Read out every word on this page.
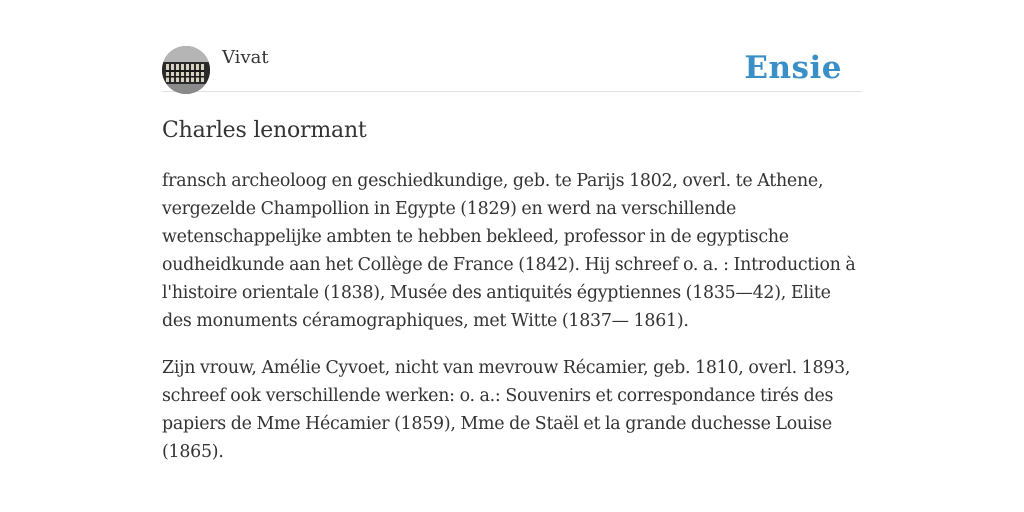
Vivat	Ensie
Charles lenormant

fransch archeoloog en geschiedkundige, geb. te Parijs 1802, overl. te Athene, vergezelde Champollion in Egypte (1829) en werd na verschillende wetenschappelijke ambten te hebben bekleed, professor in de egyptische oudheidkunde aan het Collège de France (1842). Hij schreef o. a. : Introduction à l'histoire orientale (1838), Musée des antiquités égyptiennes (1835—42), Elite des monuments céramographiques, met Witte (1837— 1861).

Zijn vrouw, Amélie Cyvoet, nicht van mevrouw Récamier, geb. 1810, overl. 1893, schreef ook verschillende werken: o. a.: Souvenirs et correspondance tirés des papiers de Mme Hécamier (1859), Mme de Staël et la grande duchesse Louise (1865).
